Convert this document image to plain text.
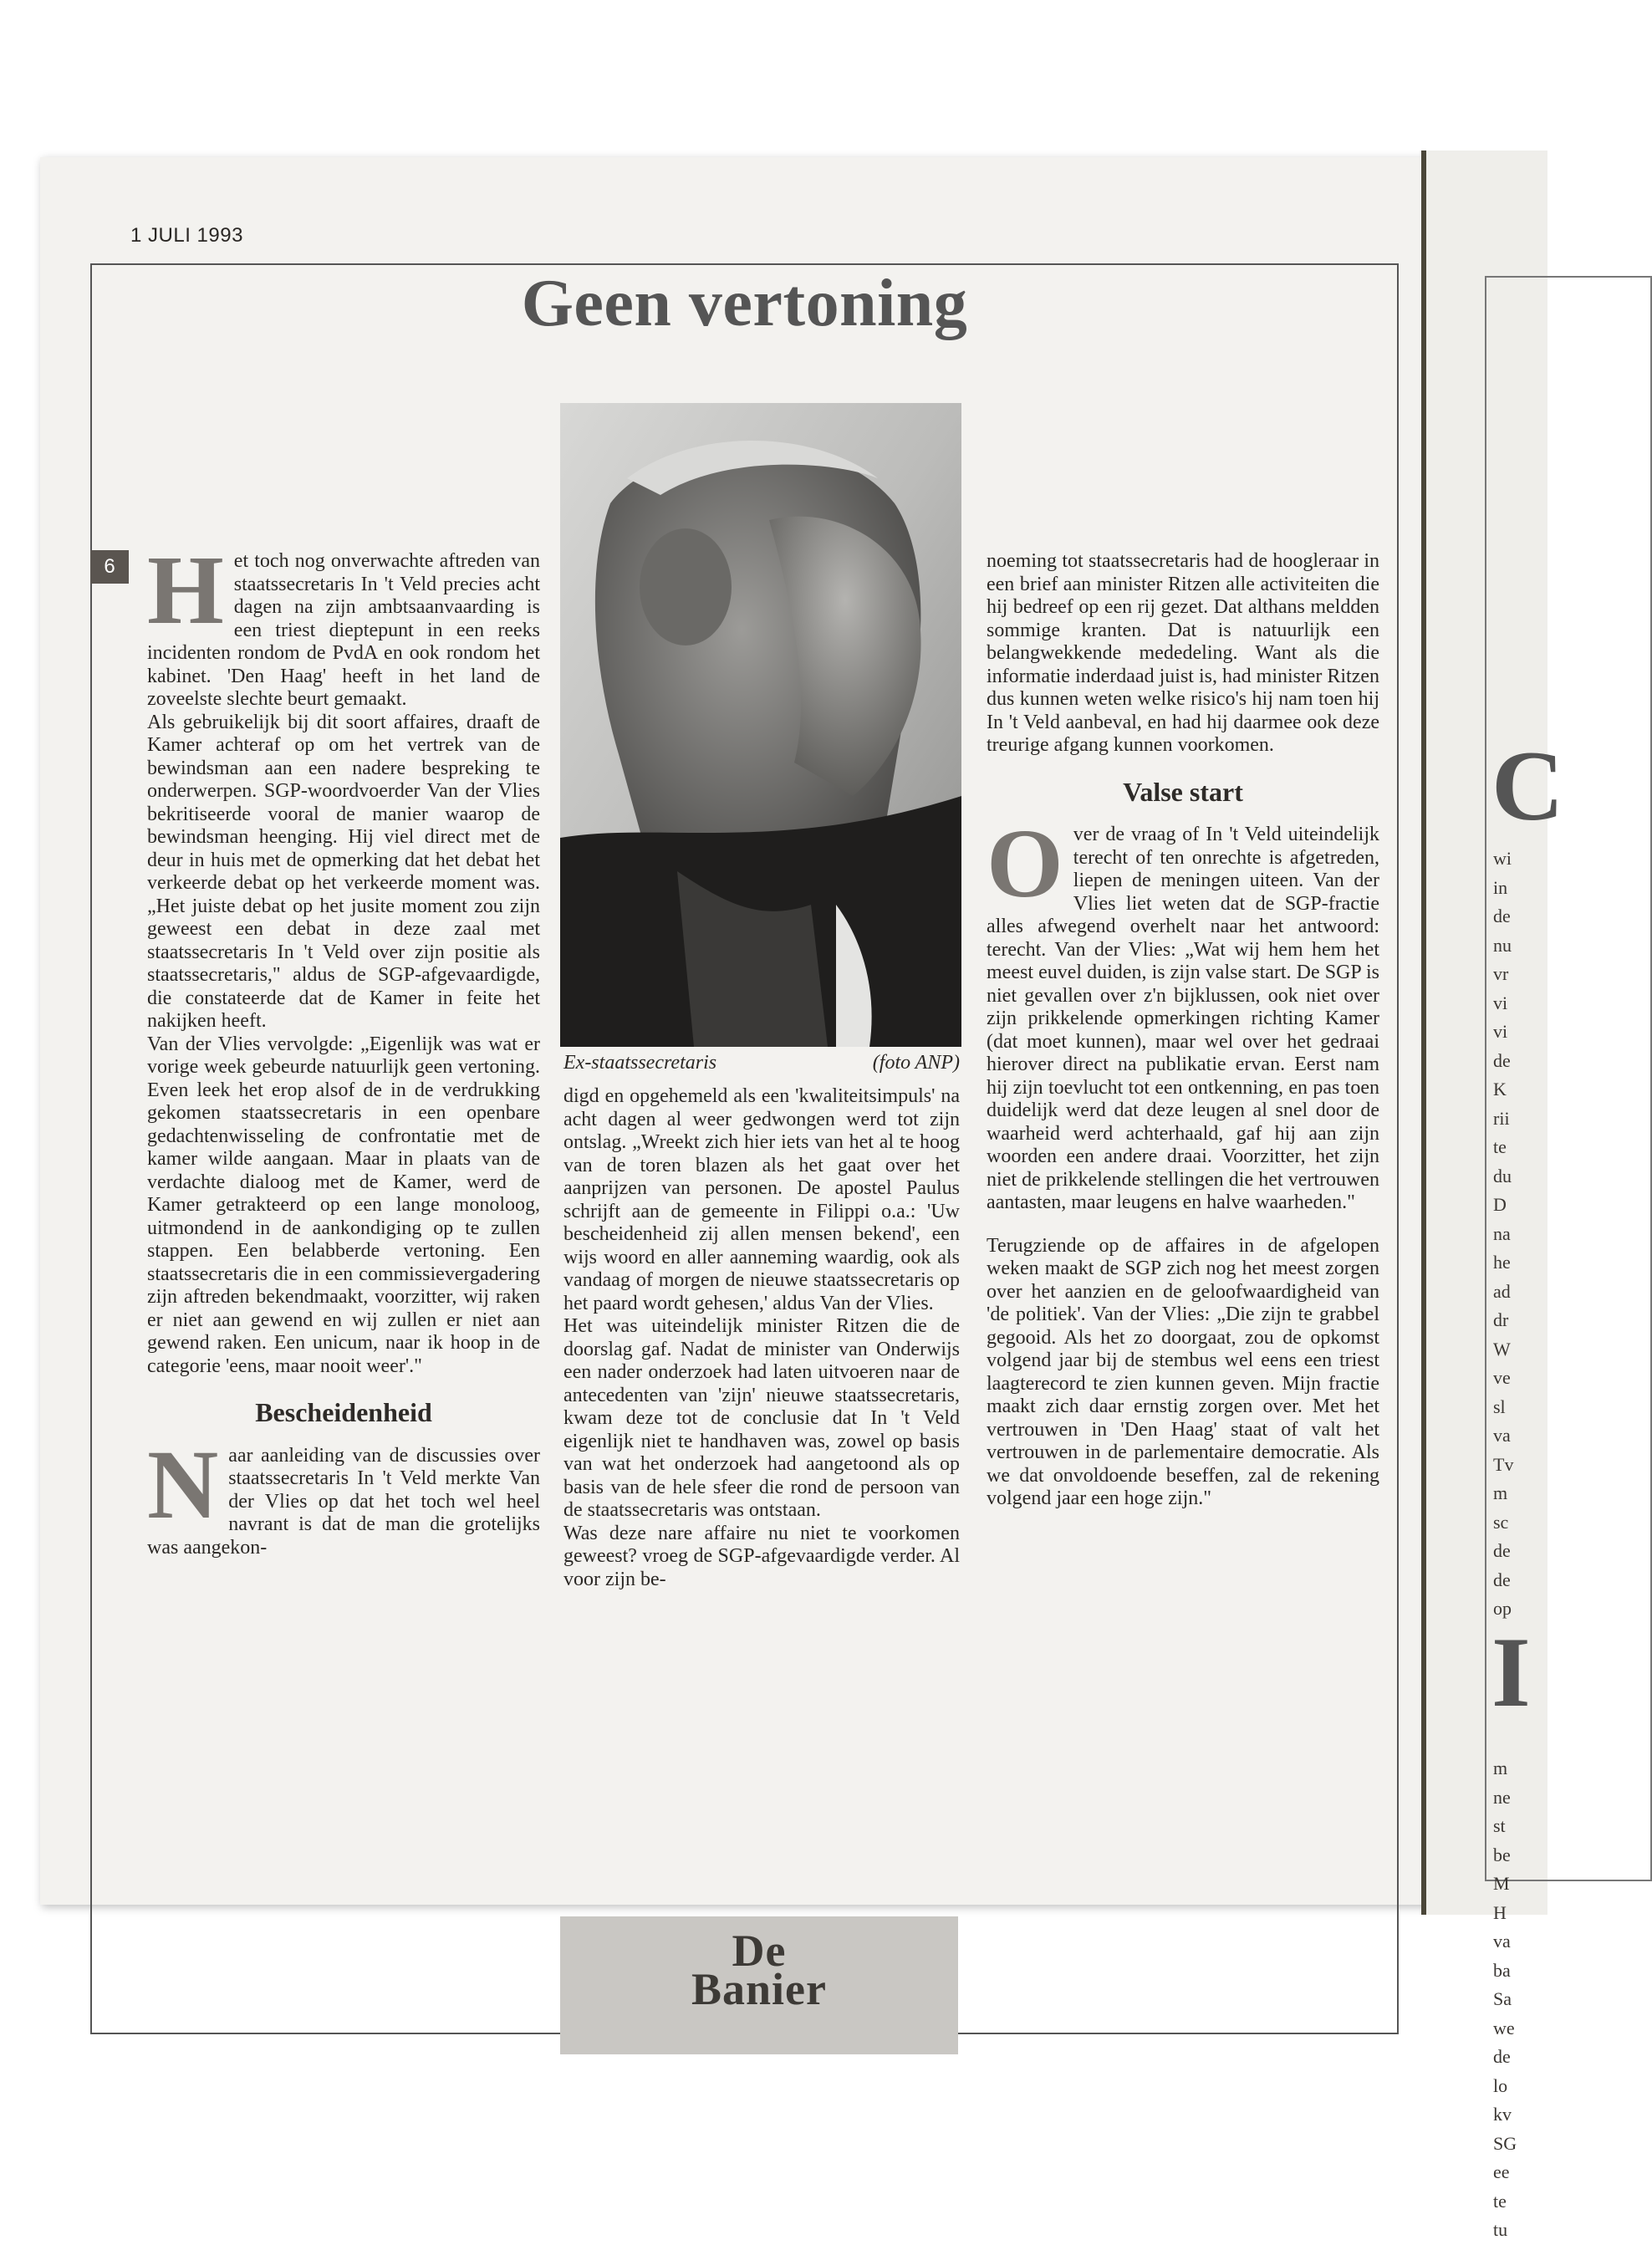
C
wi
in
de
nu
vr
vi
vi
de
K
rii
te
du
D
na
he
ad
dr
W
ve
sl
va
Tv
m
sc
de
de
op
I
m
ne
st
be
M
H
va
ba
Sa
we
de
lo
kv
SG
ee
te
tu
1 JULI 1993
Geen vertoning
6 Het toch nog onverwachte aftreden van staatssecretaris In 't Veld precies acht dagen na zijn ambtsaanvaarding is een triest dieptepunt in een reeks incidenten rondom de PvdA en ook rondom het kabinet. 'Den Haag' heeft in het land de zoveelste slechte beurt gemaakt.

Als gebruikelijk bij dit soort affaires, draaft de Kamer achteraf op om het vertrek van de bewindsman aan een nadere bespreking te onderwerpen. SGP-woordvoerder Van der Vlies bekritiseerde vooral de manier waarop de bewindsman heenging. Hij viel direct met de deur in huis met de opmerking dat het debat het verkeerde debat op het verkeerde moment was. „Het juiste debat op het jusite moment zou zijn geweest een debat in deze zaal met staatssecretaris In 't Veld over zijn positie als staatssecretaris," aldus de SGP-afgevaardigde, die constateerde dat de Kamer in feite het nakijken heeft.

Van der Vlies vervolgde: „Eigenlijk was wat er vorige week gebeurde natuurlijk geen vertoning. Even leek het erop alsof de in de verdrukking gekomen staatssecretaris in een openbare gedachtenwisseling de confrontatie met de kamer wilde aangaan. Maar in plaats van de verdachte dialoog met de Kamer, werd de Kamer getrakteerd op een lange monoloog, uitmondend in de aankondiging op te zullen stappen. Een belabberde vertoning. Een staatssecretaris die in een commissievergadering zijn aftreden bekendmaakt, voorzitter, wij raken er niet aan gewend en wij zullen er niet aan gewend raken. Een unicum, naar ik hoop in de categorie 'eens, maar nooit weer'."

Bescheidenheid

Naar aanleiding van de discussies over staatssecretaris In 't Veld merkte Van der Vlies op dat het toch wel heel navrant is dat de man die grotelijks was aangekon-

Ex-staatssecretaris	(foto ANP)

digd en opgehemeld als een 'kwaliteitsimpuls' na acht dagen al weer gedwongen werd tot zijn ontslag. „Wreekt zich hier iets van het al te hoog van de toren blazen als het gaat over het aanprijzen van personen. De apostel Paulus schrijft aan de gemeente in Filippi o.a.: 'Uw bescheidenheid zij allen mensen bekend', een wijs woord en aller aanneming waardig, ook als vandaag of morgen de nieuwe staatssecretaris op het paard wordt gehesen,' aldus Van der Vlies.

Het was uiteindelijk minister Ritzen die de doorslag gaf. Nadat de minister van Onderwijs een nader onderzoek had laten uitvoeren naar de antecedenten van 'zijn' nieuwe staatssecretaris, kwam deze tot de conclusie dat In 't Veld eigenlijk niet te handhaven was, zowel op basis van wat het onderzoek had aangetoond als op basis van de hele sfeer die rond de persoon van de staatssecretaris was ontstaan.

Was deze nare affaire nu niet te voorkomen geweest? vroeg de SGP-afgevaardigde verder. Al voor zijn be-

noeming tot staatssecretaris had de hoogleraar in een brief aan minister Ritzen alle activiteiten die hij bedreef op een rij gezet. Dat althans meldden sommige kranten. Dat is natuurlijk een belangwekkende mededeling. Want als die informatie inderdaad juist is, had minister Ritzen dus kunnen weten welke risico's hij nam toen hij In 't Veld aanbeval, en had hij daarmee ook deze treurige afgang kunnen voorkomen.

Valse start

Over de vraag of In 't Veld uiteindelijk terecht of ten onrechte is afgetreden, liepen de meningen uiteen. Van der Vlies liet weten dat de SGP-fractie alles afwegend overhelt naar het antwoord: terecht. Van der Vlies: „Wat wij hem hem het meest euvel duiden, is zijn valse start. De SGP is niet gevallen over z'n bijklussen, ook niet over zijn prikkelende opmerkingen richting Kamer (dat moet kunnen), maar wel over het gedraai hierover direct na publikatie ervan. Eerst nam hij zijn toevlucht tot een ontkenning, en pas toen duidelijk werd dat deze leugen al snel door de waarheid werd achterhaald, gaf hij aan zijn woorden een andere draai. Voorzitter, het zijn niet de prikkelende stellingen die het vertrouwen aantasten, maar leugens en halve waarheden."

Terugziende op de affaires in de afgelopen weken maakt de SGP zich nog het meest zorgen over het aanzien en de geloofwaardigheid van 'de politiek'. Van der Vlies: „Die zijn te grabbel gegooid. Als het zo doorgaat, zou de opkomst volgend jaar bij de stembus wel eens een triest laagterecord te zien kunnen geven. Mijn fractie maakt zich daar ernstig zorgen over. Met het vertrouwen in 'Den Haag' staat of valt het vertrouwen in de parlementaire democratie. Als we dat onvoldoende beseffen, zal de rekening volgend jaar een hoge zijn."

De
Banier
